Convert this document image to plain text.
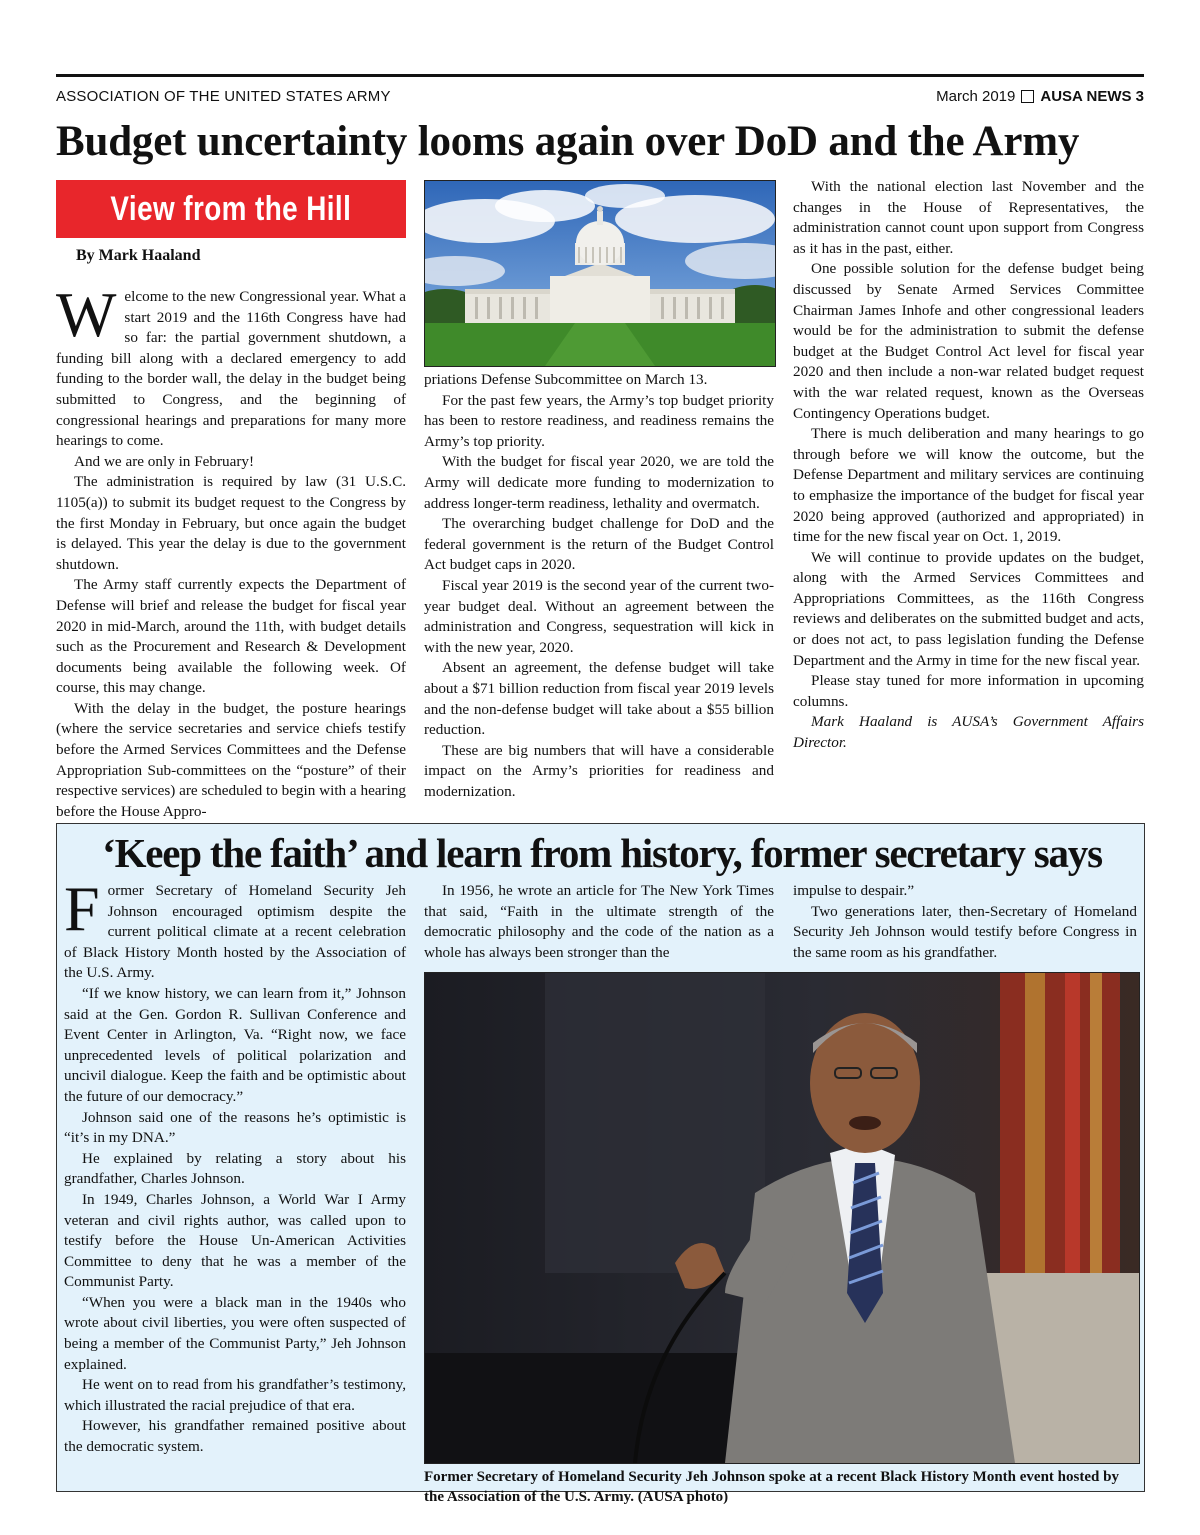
ASSOCIATION OF THE UNITED STATES ARMY	March 2019 AUSA NEWS 3
Budget uncertainty looms again over DoD and the Army
View from the Hill
By Mark Haaland

Welcome to the new Congressional year. What a start 2019 and the 116th Congress have had so far: the partial government shutdown, a funding bill along with a declared emergency to add funding to the border wall, the delay in the budget being submitted to Congress, and the beginning of congressional hearings and preparations for many more hearings to come.

And we are only in February!

The administration is required by law (31 U.S.C. 1105(a)) to submit its budget request to the Congress by the first Monday in February, but once again the budget is delayed. This year the delay is due to the government shutdown.

The Army staff currently expects the Department of Defense will brief and release the budget for fiscal year 2020 in mid-March, around the 11th, with budget details such as the Procurement and Research & Development documents being available the following week. Of course, this may change.

With the delay in the budget, the posture hearings (where the service secretaries and service chiefs testify before the Armed Services Committees and the Defense Appropriation Sub-committees on the “posture” of their respective services) are scheduled to begin with a hearing before the House Appro-

priations Defense Subcommittee on March 13.

For the past few years, the Army’s top budget priority has been to restore readiness, and readiness remains the Army’s top priority.

With the budget for fiscal year 2020, we are told the Army will dedicate more funding to modernization to address longer-term readiness, lethality and overmatch.

The overarching budget challenge for DoD and the federal government is the return of the Budget Control Act budget caps in 2020.

Fiscal year 2019 is the second year of the current two-year budget deal. Without an agreement between the administration and Congress, sequestration will kick in with the new year, 2020.

Absent an agreement, the defense budget will take about a $71 billion reduction from fiscal year 2019 levels and the non-defense budget will take about a $55 billion reduction.

These are big numbers that will have a considerable impact on the Army’s priorities for readiness and modernization.

With the national election last November and the changes in the House of Representatives, the administration cannot count upon support from Congress as it has in the past, either.

One possible solution for the defense budget being discussed by Senate Armed Services Committee Chairman James Inhofe and other congressional leaders would be for the administration to submit the defense budget at the Budget Control Act level for fiscal year 2020 and then include a non-war related budget request with the war related request, known as the Overseas Contingency Operations budget.

There is much deliberation and many hearings to go through before we will know the outcome, but the Defense Department and military services are continuing to emphasize the importance of the budget for fiscal year 2020 being approved (authorized and appropriated) in time for the new fiscal year on Oct. 1, 2019.

We will continue to provide updates on the budget, along with the Armed Services Committees and Appropriations Committees, as the 116th Congress reviews and deliberates on the submitted budget and acts, or does not act, to pass legislation funding the Defense Department and the Army in time for the new fiscal year.

Please stay tuned for more information in upcoming columns.

Mark Haaland is AUSA’s Government Affairs Director.

‘Keep the faith’ and learn from history, former secretary says

Former Secretary of Homeland Security Jeh Johnson encouraged optimism despite the current political climate at a recent celebration of Black History Month hosted by the Association of the U.S. Army.

“If we know history, we can learn from it,” Johnson said at the Gen. Gordon R. Sullivan Conference and Event Center in Arlington, Va. “Right now, we face unprecedented levels of political polarization and uncivil dialogue. Keep the faith and be optimistic about the future of our democracy.”

Johnson said one of the reasons he’s optimistic is “it’s in my DNA.”

He explained by relating a story about his grandfather, Charles Johnson.

In 1949, Charles Johnson, a World War I Army veteran and civil rights author, was called upon to testify before the House Un-American Activities Committee to deny that he was a member of the Communist Party.

“When you were a black man in the 1940s who wrote about civil liberties, you were often suspected of being a member of the Communist Party,” Jeh Johnson explained.

He went on to read from his grandfather’s testimony, which illustrated the racial prejudice of that era.

However, his grandfather remained positive about the democratic system.

In 1956, he wrote an article for The New York Times that said, “Faith in the ultimate strength of the democratic philosophy and the code of the nation as a whole has always been stronger than the

impulse to despair.”

Two generations later, then-Secretary of Homeland Security Jeh Johnson would testify before Congress in the same room as his grandfather.

Former Secretary of Homeland Security Jeh Johnson spoke at a recent Black History Month event hosted by the Association of the U.S. Army. (AUSA photo)
